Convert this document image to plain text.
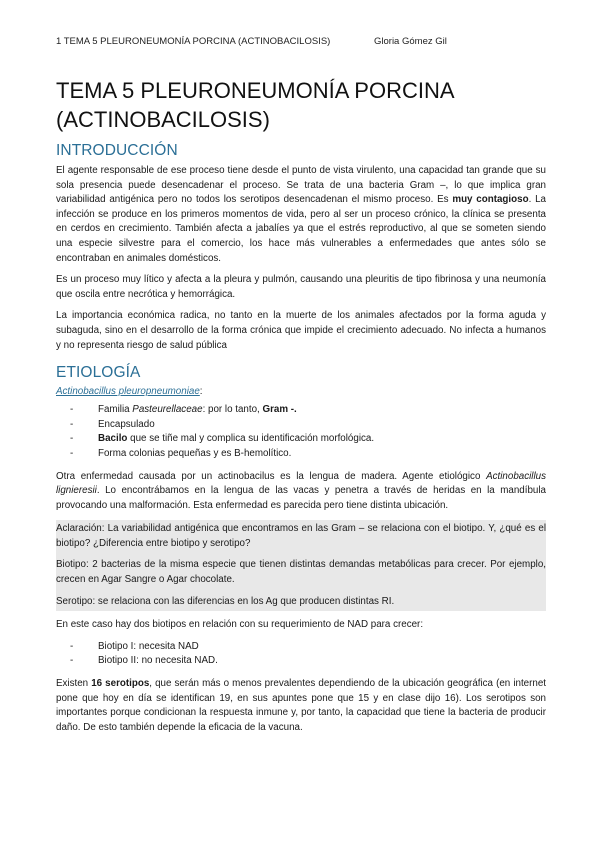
1 TEMA 5 PLEURONEUMONÍA PORCINA (ACTINOBACILOSIS)	Gloria Gómez Gil
TEMA 5 PLEURONEUMONÍA PORCINA
(ACTINOBACILOSIS)
INTRODUCCIÓN

El agente responsable de ese proceso tiene desde el punto de vista virulento, una capacidad tan grande que su sola presencia puede desencadenar el proceso. Se trata de una bacteria Gram –, lo que implica gran variabilidad antigénica pero no todos los serotipos desencadenan el mismo proceso. Es muy contagioso. La infección se produce en los primeros momentos de vida, pero al ser un proceso crónico, la clínica se presenta en cerdos en crecimiento. También afecta a jabalíes ya que el estrés reproductivo, al que se someten siendo una especie silvestre para el comercio, los hace más vulnerables a enfermedades que antes sólo se encontraban en animales domésticos.

Es un proceso muy lítico y afecta a la pleura y pulmón, causando una pleuritis de tipo fibrinosa y una neumonía que oscila entre necrótica y hemorrágica.

La importancia económica radica, no tanto en la muerte de los animales afectados por la forma aguda y subaguda, sino en el desarrollo de la forma crónica que impide el crecimiento adecuado. No infecta a humanos y no representa riesgo de salud pública

ETIOLOGÍA
Actinobacillus pleuropneumoniae:
-	Familia Pasteurellaceae: por lo tanto, Gram -.
-	Encapsulado
-	Bacilo que se tiñe mal y complica su identificación morfológica.
-	Forma colonias pequeñas y es B-hemolítico.

Otra enfermedad causada por un actinobacilus es la lengua de madera. Agente etiológico Actinobacillus lignieresii. Lo encontrábamos en la lengua de las vacas y penetra a través de heridas en la mandíbula provocando una malformación. Esta enfermedad es parecida pero tiene distinta ubicación.

Aclaración: La variabilidad antigénica que encontramos en las Gram – se relaciona con el biotipo. Y, ¿qué es el biotipo? ¿Diferencia entre biotipo y serotipo?

Biotipo: 2 bacterias de la misma especie que tienen distintas demandas metabólicas para crecer. Por ejemplo, crecen en Agar Sangre o Agar chocolate.

Serotipo: se relaciona con las diferencias en los Ag que producen distintas RI.

En este caso hay dos biotipos en relación con su requerimiento de NAD para crecer:

-	Biotipo I: necesita NAD
-	Biotipo II: no necesita NAD.

Existen 16 serotipos, que serán más o menos prevalentes dependiendo de la ubicación geográfica (en internet pone que hoy en día se identifican 19, en sus apuntes pone que 15 y en clase dijo 16). Los serotipos son importantes porque condicionan la respuesta inmune y, por tanto, la capacidad que tiene la bacteria de producir daño. De esto también depende la eficacia de la vacuna.
